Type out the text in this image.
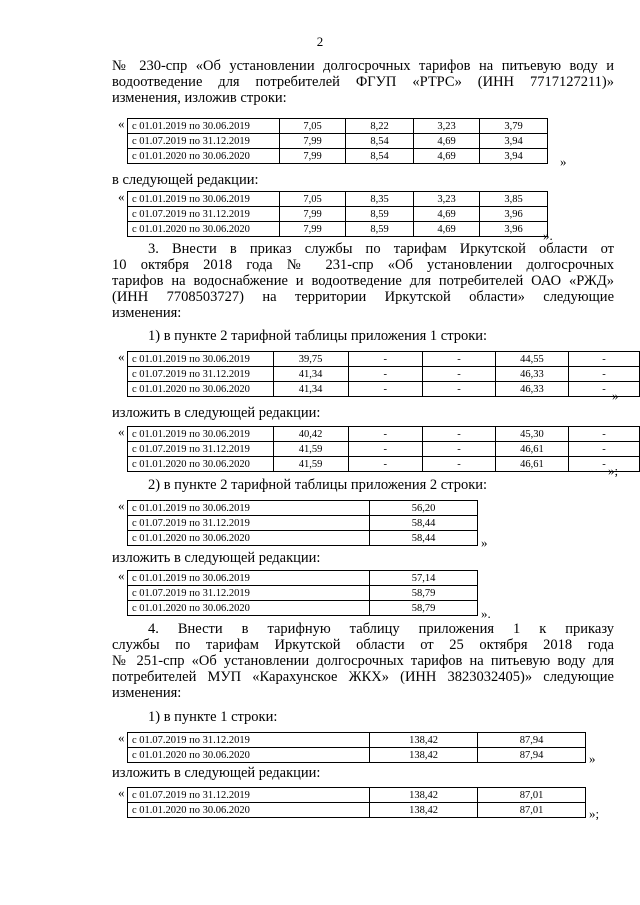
2
№ 230-спр «Об установлении долгосрочных тарифов на питьевую воду и
водоотведение для потребителей ФГУП «РТРС» (ИНН 7717127211)»
изменения, изложив строки:
« с 01.01.2019 по 30.06.2019	7,05	8,22	3,23	3,79
с 01.07.2019 по 31.12.2019	7,99	8,54	4,69	3,94
с 01.01.2020 по 30.06.2020	7,99	8,54	4,69	3,94	»
в следующей редакции:
« с 01.01.2019 по 30.06.2019	7,05	8,35	3,23	3,85
с 01.07.2019 по 31.12.2019	7,99	8,59	4,69	3,96
с 01.01.2020 по 30.06.2020	7,99	8,59	4,69	3,96 ».
3. Внести в приказ службы по тарифам Иркутской области от
10 октября 2018 года № 231-спр «Об установлении долгосрочных
тарифов на водоснабжение и водоотведение для потребителей ОАО «РЖД»
(ИНН 7708503727) на территории Иркутской области» следующие
изменения:
1) в пункте 2 тарифной таблицы приложения 1 строки:
« с 01.01.2019 по 30.06.2019	39,75	-	-	44,55	-
с 01.07.2019 по 31.12.2019	41,34	-	-	46,33	-
с 01.01.2020 по 30.06.2020	41,34	-	-	46,33	- »
изложить в следующей редакции:
« с 01.01.2019 по 30.06.2019	40,42	-	-	45,30	-
с 01.07.2019 по 31.12.2019	41,59	-	-	46,61	-
с 01.01.2020 по 30.06.2020	41,59	-	-	46,61	- »;
2) в пункте 2 тарифной таблицы приложения 2 строки:
« с 01.01.2019 по 30.06.2019	56,20
с 01.07.2019 по 31.12.2019	58,44
с 01.01.2020 по 30.06.2020	58,44	»
изложить в следующей редакции:
« с 01.01.2019 по 30.06.2019	57,14
с 01.07.2019 по 31.12.2019	58,79
с 01.01.2020 по 30.06.2020	58,79	».
4. Внести в тарифную таблицу приложения 1 к приказу
службы по тарифам Иркутской области от 25 октября 2018 года
№ 251-спр «Об установлении долгосрочных тарифов на питьевую воду для
потребителей МУП «Карахунское ЖКХ» (ИНН 3823032405)» следующие
изменения:
1) в пункте 1 строки:
« с 01.07.2019 по 31.12.2019	138,42	87,94
с 01.01.2020 по 30.06.2020	138,42	87,94	»
изложить в следующей редакции:
« с 01.07.2019 по 31.12.2019	138,42	87,01
с 01.01.2020 по 30.06.2020	138,42	87,01	»;
